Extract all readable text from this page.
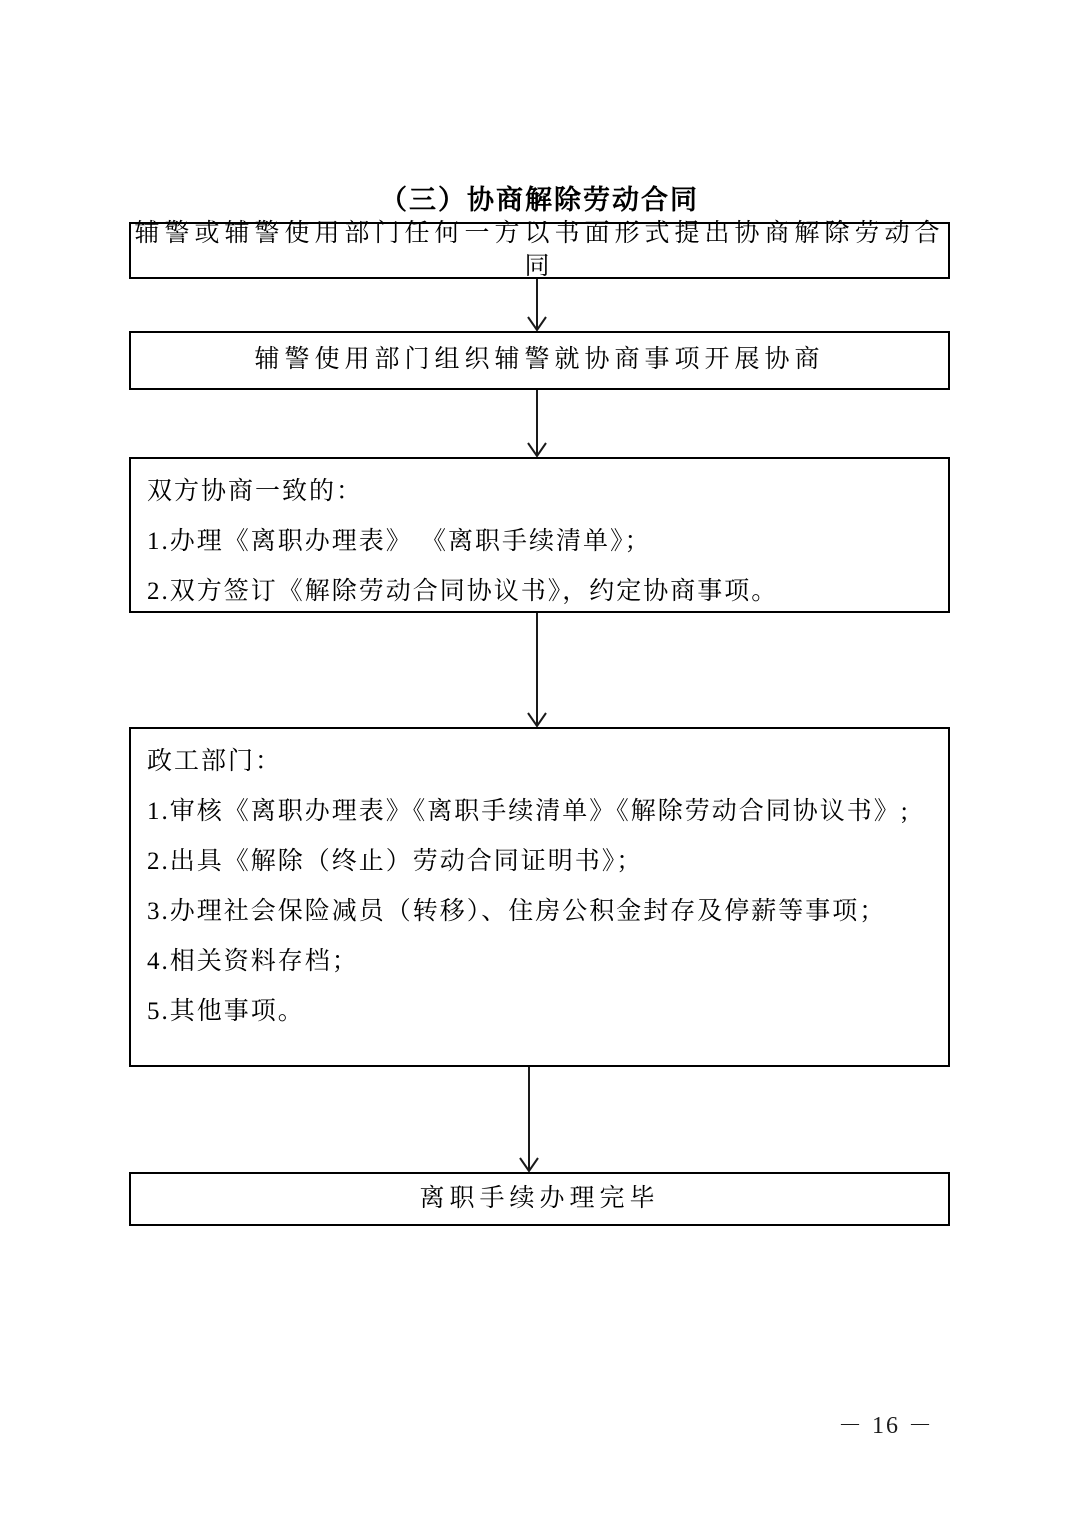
（三）协商解除劳动合同

辅警或辅警使用部门任何一方以书面形式提出协商解除劳动合同

辅警使用部门组织辅警就协商事项开展协商

双方协商一致的：

1.办理《离职办理表》 《离职手续清单》；

2.双方签订《解除劳动合同协议书》，约定协商事项。

政工部门：

1.审核《离职办理表》《离职手续清单》《解除劳动合同协议书》;

2.出具《解除（终止）劳动合同证明书》；

3.办理社会保险减员（转移）、住房公积金封存及停薪等事项；

4.相关资料存档；

5.其他事项。

离职手续办理完毕

－ 16 －
